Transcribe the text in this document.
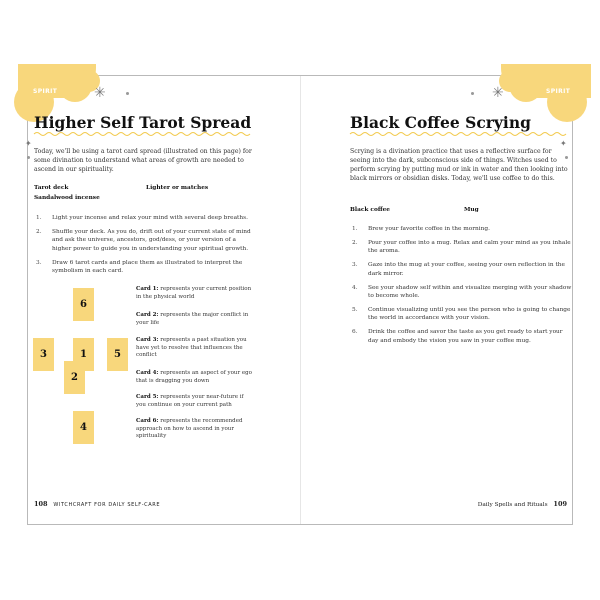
SPIRIT	✳
✦
Higher Self Tarot Spread
Today, we'll be using a tarot card spread (illustrated on this page) for some divination to understand what areas of growth are needed to ascend in our spirituality.
Tarot deck	Lighter or matches
Sandalwood incense
1. Light your incense and relax your mind with several deep breaths.
2. Shuffle your deck. As you do, drift out of your current state of mind and ask the universe, ancestors, god/dess, or your version of a higher power to guide you in understanding your spiritual growth.
3. Draw 6 tarot cards and place them as illustrated to interpret the symbolism in each card.
6
3	1	5
2
4
Card 1: represents your current position in the physical world
Card 2: represents the major conflict in your life
Card 3: represents a past situation you have yet to resolve that influences the conflict
Card 4: represents an aspect of your ego that is dragging you down
Card 5: represents your near-future if you continue on your current path
Card 6: represents the recommended approach on how to ascend in your spirituality
108 WITCHCRAFT FOR DAILY SELF-CARE
SPIRIT
✳
✦
Black Coffee Scrying
Scrying is a divination practice that uses a reflective surface for seeing into the dark, subconscious side of things. Witches used to perform scrying by putting mud or ink in water and then looking into black mirrors or obsidian disks. Today, we'll use coffee to do this.
Black coffee	Mug
1. Brew your favorite coffee in the morning.
2. Pour your coffee into a mug. Relax and calm your mind as you inhale the aroma.
3. Gaze into the mug at your coffee, seeing your own reflection in the dark mirror.
4. See your shadow self within and visualize merging with your shadow to become whole.
5. Continue visualizing until you see the person who is going to change the world in accordance with your vision.
6. Drink the coffee and savor the taste as you get ready to start your day and embody the vision you saw in your coffee mug.
Daily Spells and Rituals 109
